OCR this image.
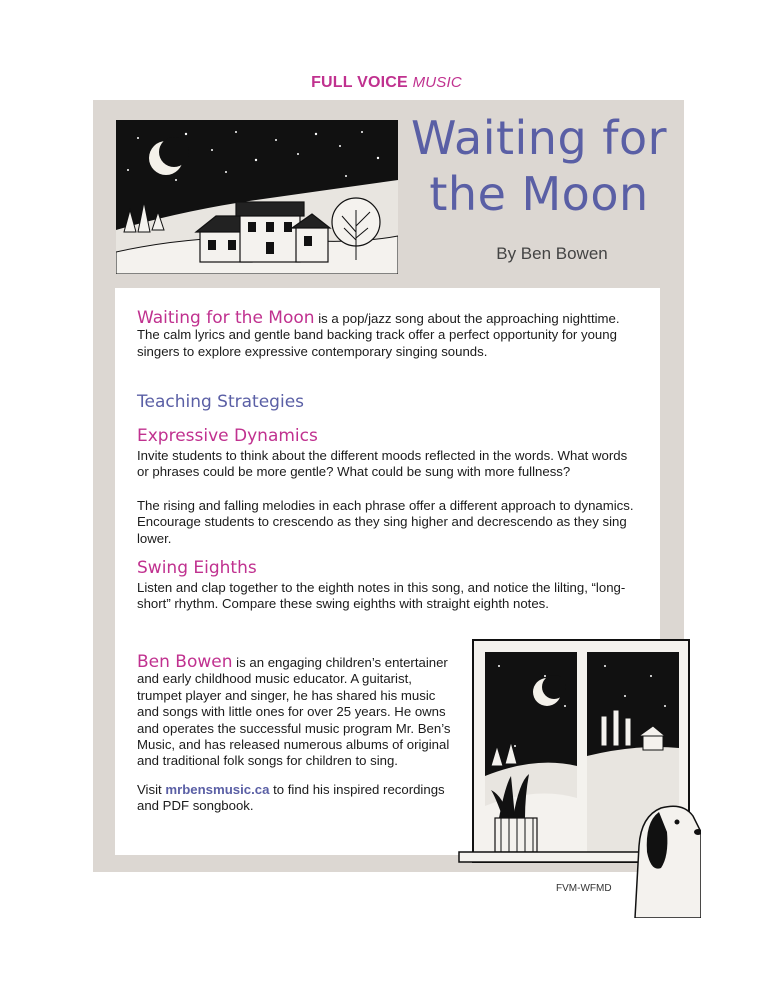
FULL VOICE MUSIC
Waiting for
the Moon
By Ben Bowen
Waiting for the Moon is a pop/jazz song about the approaching nighttime. The calm lyrics and gentle band backing track offer a perfect opportunity for young singers to explore expressive contemporary singing sounds.
Teaching Strategies
Expressive Dynamics
Invite students to think about the different moods reflected in the words. What words or phrases could be more gentle? What could be sung with more fullness?
The rising and falling melodies in each phrase offer a different approach to dynamics. Encourage students to crescendo as they sing higher and decrescendo as they sing lower.
Swing Eighths
Listen and clap together to the eighth notes in this song, and notice the lilting, “long-short” rhythm. Compare these swing eighths with straight eighth notes.
Ben Bowen is an engaging children’s entertainer and early childhood music educator. A guitarist, trumpet player and singer, he has shared his music and songs with little ones for over 25 years. He owns and operates the successful music program Mr. Ben’s Music, and has released numerous albums of original and traditional folk songs for children to sing.
Visit mrbensmusic.ca to find his inspired recordings and PDF songbook.
FVM-WFMD
